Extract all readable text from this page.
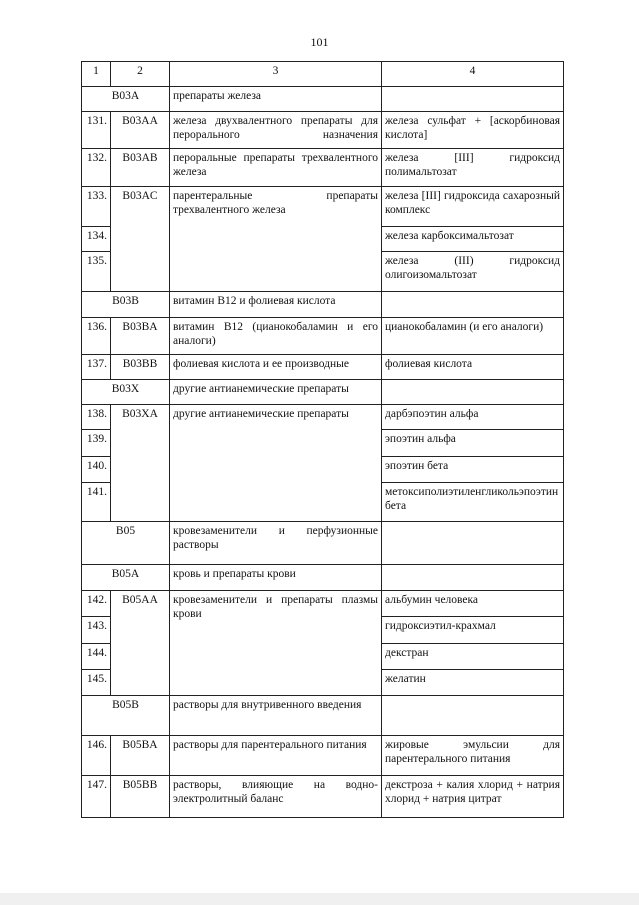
101
1	2	3	4
B03A		препараты железа	
131.	B03AA	железа двухвалентного препараты для перорального назначения	железа сульфат + [аскорбиновая кислота]
132.	B03AB	пероральные препараты трехвалентного железа	железа [III] гидроксид полимальтозат
133.	B03AC	парентеральные препараты трехвалентного железа	железа [III] гидроксида сахарозный комплекс
134.			железа карбоксимальтозат
135.			железа (III) гидроксид олигоизомальтозат
B03B		витамин В12 и фолиевая кислота	
136.	B03BA	витамин В12 (цианокобаламин и его аналоги)	цианокобаламин (и его аналоги)
137.	B03BB	фолиевая кислота и ее производные	фолиевая кислота
B03X		другие антианемические препараты	
138.	B03XA	другие антианемические препараты	дарбэпоэтин альфа
139.			эпоэтин альфа
140.			эпоэтин бета
141.			метоксиполиэтиленгликольэпоэтин бета
B05		кровезаменители и перфузионные растворы	
B05A		кровь и препараты крови	
142.	B05AA	кровезаменители и препараты плазмы крови	альбумин человека
143.			гидроксиэтил-крахмал
144.			декстран
145.			желатин
B05B		растворы для внутривенного введения	
146.	B05BA	растворы для парентерального питания	жировые эмульсии для парентерального питания
147.	B05BB	растворы, влияющие на водно-электролитный баланс	декстроза + калия хлорид + натрия хлорид + натрия цитрат
